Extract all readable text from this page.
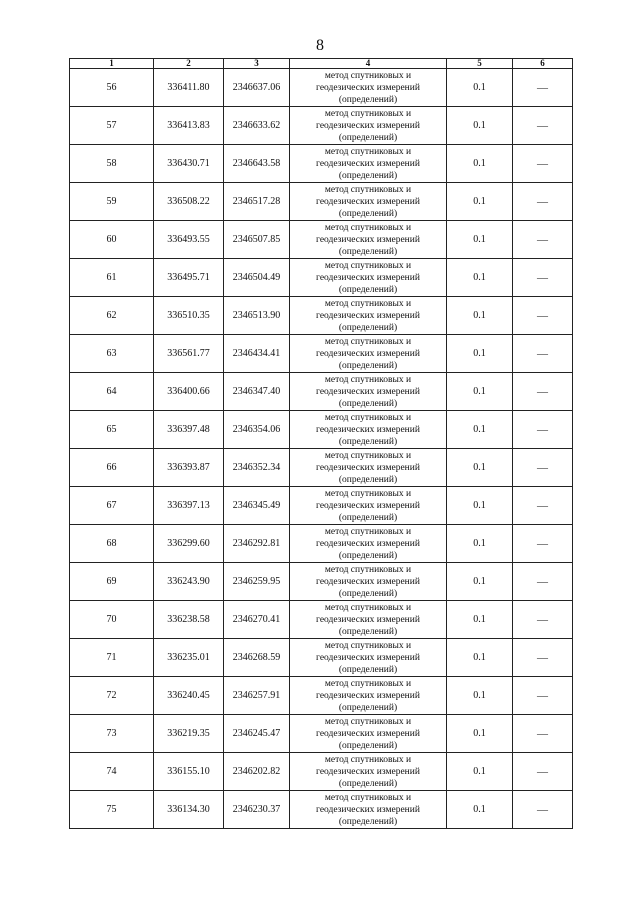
8
1	2	3	4	5	6
56	336411.80	2346637.06	метод спутниковых и
геодезических измерений
(определений)	0.1	—
57	336413.83	2346633.62	метод спутниковых и
геодезических измерений
(определений)	0.1	—
58	336430.71	2346643.58	метод спутниковых и
геодезических измерений
(определений)	0.1	—
59	336508.22	2346517.28	метод спутниковых и
геодезических измерений
(определений)	0.1	—
60	336493.55	2346507.85	метод спутниковых и
геодезических измерений
(определений)	0.1	—
61	336495.71	2346504.49	метод спутниковых и
геодезических измерений
(определений)	0.1	—
62	336510.35	2346513.90	метод спутниковых и
геодезических измерений
(определений)	0.1	—
63	336561.77	2346434.41	метод спутниковых и
геодезических измерений
(определений)	0.1	—
64	336400.66	2346347.40	метод спутниковых и
геодезических измерений
(определений)	0.1	—
65	336397.48	2346354.06	метод спутниковых и
геодезических измерений
(определений)	0.1	—
66	336393.87	2346352.34	метод спутниковых и
геодезических измерений
(определений)	0.1	—
67	336397.13	2346345.49	метод спутниковых и
геодезических измерений
(определений)	0.1	—
68	336299.60	2346292.81	метод спутниковых и
геодезических измерений
(определений)	0.1	—
69	336243.90	2346259.95	метод спутниковых и
геодезических измерений
(определений)	0.1	—
70	336238.58	2346270.41	метод спутниковых и
геодезических измерений
(определений)	0.1	—
71	336235.01	2346268.59	метод спутниковых и
геодезических измерений
(определений)	0.1	—
72	336240.45	2346257.91	метод спутниковых и
геодезических измерений
(определений)	0.1	—
73	336219.35	2346245.47	метод спутниковых и
геодезических измерений
(определений)	0.1	—
74	336155.10	2346202.82	метод спутниковых и
геодезических измерений
(определений)	0.1	—
75	336134.30	2346230.37	метод спутниковых и
геодезических измерений
(определений)	0.1	—
